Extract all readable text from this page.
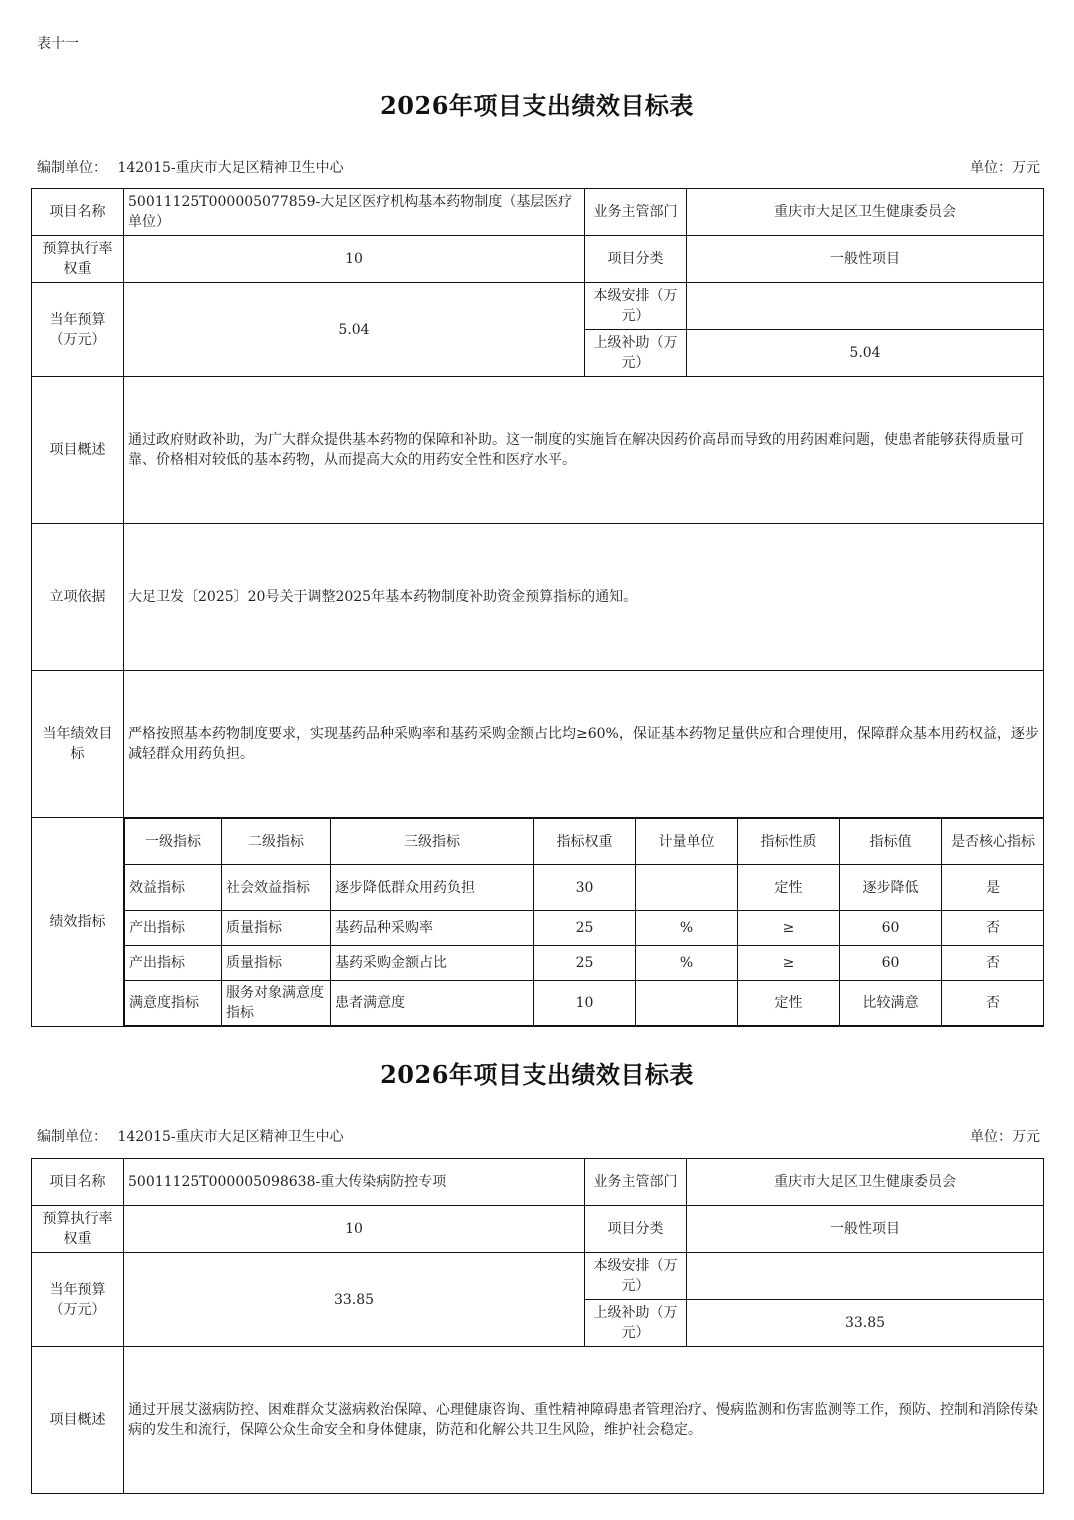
表十一
2026年项目支出绩效目标表
编制单位： 142015-重庆市大足区精神卫生中心	单位：万元
项目名称	50011125T000005077859-大足区医疗机构基本药物制度（基层医疗单位）	业务主管部门	重庆市大足区卫生健康委员会
预算执行率权重	10	项目分类	一般性项目
当年预算（万元）	5.04	本级安排（万元）	
上级补助（万元）	5.04
项目概述	通过政府财政补助，为广大群众提供基本药物的保障和补助。这一制度的实施旨在解决因药价高昂而导致的用药困难问题，使患者能够获得质量可靠、价格相对较低的基本药物，从而提高大众的用药安全性和医疗水平。
立项依据	大足卫发〔2025〕20号关于调整2025年基本药物制度补助资金预算指标的通知。
当年绩效目标	严格按照基本药物制度要求，实现基药品种采购率和基药采购金额占比均≥60%，保证基本药物足量供应和合理使用，保障群众基本用药权益，逐步减轻群众用药负担。
绩效指标	
一级指标	二级指标	三级指标	指标权重	计量单位	指标性质	指标值	是否核心指标
效益指标	社会效益指标	逐步降低群众用药负担	30		定性	逐步降低	是
产出指标	质量指标	基药品种采购率	25	%	≥	60	否
产出指标	质量指标	基药采购金额占比	25	%	≥	60	否
满意度指标	服务对象满意度指标	患者满意度	10		定性	比较满意	否
2026年项目支出绩效目标表
编制单位： 142015-重庆市大足区精神卫生中心	单位：万元
项目名称	50011125T000005098638-重大传染病防控专项	业务主管部门	重庆市大足区卫生健康委员会
预算执行率权重	10	项目分类	一般性项目
当年预算（万元）	33.85	本级安排（万元）	
		上级补助（万元）	33.85
项目概述	通过开展艾滋病防控、困难群众艾滋病救治保障、心理健康咨询、重性精神障碍患者管理治疗、慢病监测和伤害监测等工作，预防、控制和消除传染病的发生和流行，保障公众生命安全和身体健康，防范和化解公共卫生风险，维护社会稳定。		
